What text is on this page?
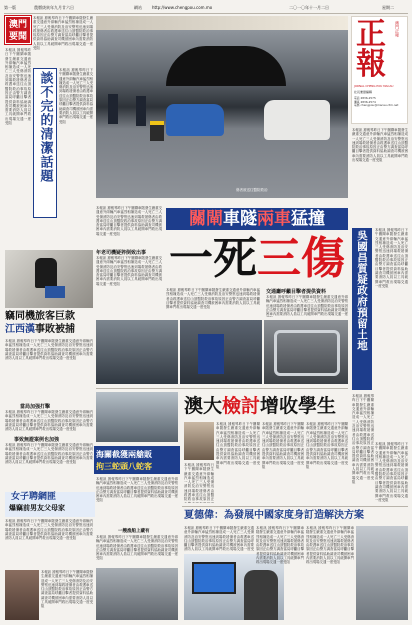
第一版	農曆庚寅年九月廿六日	網站	http://www.chengpou.com.mo	二〇一〇年十一月二日	星期二
澳門要聞
本報訊 據報導昨日下午關閘車隧發生嚴重交通意外兩輛汽車猛烈相撞造成一人死亡三人受傷消防及治安警察迅速到場救援傷者由救護車送往山頂醫院救治事故原因正由警方調查當局呼籲目擊者提供資料協助調查司機被困車內需要消防人員以工具破開車門救出現場交通一度受阻
本報訊 據報導昨日下午關閘車隧發生嚴重交通意外兩輛汽車猛烈相撞造成一人死亡三人受傷消防及治安警察迅速到場救援傷者由救護車送往山頂醫院救治事故原因正由警方調查當局呼籲目擊者提供資料協助調查司機被困車內需要消防人員以工具破開車門救出現場交通一度受阻	談不完的清潔話題
本報訊 據報導昨日下午關閘車隧發生嚴重交通意外兩輛汽車猛烈相撞造成一人死亡三人受傷消防及治安警察迅速到場救援傷者由救護車送往山頂醫院救治事故原因正由警方調查當局呼籲目擊者提供資料協助調查司機被困車內需要消防人員以工具破開車門救出現場交通一度受阻
竊同機旅客巨款
江西漢事敗被捕
本報訊 據報導昨日下午關閘車隧發生嚴重交通意外兩輛汽車猛烈相撞造成一人死亡三人受傷消防及治安警察迅速到場救援傷者由救護車送往山頂醫院救治事故原因正由警方調查當局呼籲目擊者提供資料協助調查司機被困車內需要消防人員以工具破開車門救出現場交通一度受阻
當局加强打擊
本報訊 據報導昨日下午關閘車隧發生嚴重交通意外兩輛汽車猛烈相撞造成一人死亡三人受傷消防及治安警察迅速到場救援傷者由救護車送往山頂醫院救治事故原因正由警方調查當局呼籲目擊者提供資料協助調查司機被困車內需要消防人員以工具破開車門救出現場交通一度受阻
事致無證案例也加強
本報訊 據報導昨日下午關閘車隧發生嚴重交通意外兩輛汽車猛烈相撞造成一人死亡三人受傷消防及治安警察迅速到場救援傷者由救護車送往山頂醫院救治事故原因正由警方調查當局呼籲目擊者提供資料協助調查司機被困車內需要消防人員以工具破開車門救出現場交通一度受阻
女子聘網匪
爆竊前男友父母家
本報訊 據報導昨日下午關閘車隧發生嚴重交通意外兩輛汽車猛烈相撞造成一人死亡三人受傷消防及治安警察迅速到場救援傷者由救護車送往山頂醫院救治事故原因正由警方調查當局呼籲目擊者提供資料協助調查司機被困車內需要消防人員以工具破開車門救出現場交通一度受阻
本報訊 據報導昨日下午關閘車隧發生嚴重交通意外兩輛汽車猛烈相撞造成一人死亡三人受傷消防及治安警察迅速到場救援傷者由救護車送往山頂醫院救治事故原因正由警方調查當局呼籲目擊者提供資料協助調查司機被困車內需要消防人員以工具破開車門救出現場交通一度受阻
傷者被送往醫院救治
正
報
澳門正報
JORNAL CHENG POU MACAU
社長兼總編輯
電話 2836-2575
傳真 2836-2574
電郵 chengpou@macau.ctm.net
本報訊 據報導昨日下午關閘車隧發生嚴重交通意外兩輛汽車猛烈相撞造成一人死亡三人受傷消防及治安警察迅速到場救援傷者由救護車送往山頂醫院救治事故原因正由警方調查當局呼籲目擊者提供資料協助調查司機被困車內需要消防人員以工具破開車門救出現場交通一度受阻
吳國昌質疑政府預留土地	本報訊 據報導昨日下午關閘車隧發生嚴重交通意外兩輛汽車猛烈相撞造成一人死亡三人受傷消防及治安警察迅速到場救援傷者由救護車送往山頂醫院救治事故原因正由警方調查當局呼籲目擊者提供資料協助調查司機被困車內需要消防人員以工具破開車門救出現場交通一度受阻
本報訊 據報導昨日下午關閘車隧發生嚴重交通意外兩輛汽車猛烈相撞造成一人死亡三人受傷消防及治安警察迅速到場救援傷者由救護車送往山頂醫院救治事故原因正由警方調查當局呼籲目擊者提供資料協助調查司機被困車內需要消防人員以工具破開車門救出現場交通一度受阻
本報訊 據報導昨日下午關閘車隧發生嚴重交通意外兩輛汽車猛烈相撞造成一人死亡三人受傷消防及治安警察迅速到場救援傷者由救護車送往山頂醫院救治事故原因正由警方調查當局呼籲目擊者提供資料協助調查司機被困車內需要消防人員以工具破開車門救出現場交通一度受阻
關閘車隧兩車猛撞
一死三傷
本報訊 據報導昨日下午關閘車隧發生嚴重交通意外兩輛汽車猛烈相撞造成一人死亡三人受傷消防及治安警察迅速到場救援傷者由救護車送往山頂醫院救治事故原因正由警方調查當局呼籲目擊者提供資料協助調查司機被困車內需要消防人員以工具破開車門救出現場交通一度受阻
年老司機疑猝倒致出事
本報訊 據報導昨日下午關閘車隧發生嚴重交通意外兩輛汽車猛烈相撞造成一人死亡三人受傷消防及治安警察迅速到場救援傷者由救護車送往山頂醫院救治事故原因正由警方調查當局呼籲目擊者提供資料協助調查司機被困車內需要消防人員以工具破開車門救出現場交通一度受阻
本報訊 據報導昨日下午關閘車隧發生嚴重交通意外兩輛汽車猛烈相撞造成一人死亡三人受傷消防及治安警察迅速到場救援傷者由救護車送往山頂醫院救治事故原因正由警方調查當局呼籲目擊者提供資料協助調查司機被困車內需要消防人員以工具破開車門救出現場交通一度受阻
交通廳呼籲目擊者提供資料
本報訊 據報導昨日下午關閘車隧發生嚴重交通意外兩輛汽車猛烈相撞造成一人死亡三人受傷消防及治安警察迅速到場救援傷者由救護車送往山頂醫院救治事故原因正由警方調查當局呼籲目擊者提供資料協助調查司機被困車內需要消防人員以工具破開車門救出現場交通一度
海關截獲兩艙販
拘三蛇頭八蛇客
本報訊 據報導昨日下午關閘車隧發生嚴重交通意外兩輛汽車猛烈相撞造成一人死亡三人受傷消防及治安警察迅速到場救援傷者由救護車送往山頂醫院救治事故原因正由警方調查當局呼籲目擊者提供資料協助調查司機被困車內需要消防人員以工具破開車門救出現場交通一度受阻
一艘漁船上藏有
本報訊 據報導昨日下午關閘車隧發生嚴重交通意外兩輛汽車猛烈相撞造成一人死亡三人受傷消防及治安警察迅速到場救援傷者由救護車送往山頂醫院救治事故原因正由警方調查當局呼籲目擊者提供資料協助調查司機被困車內需要消防人員以工具破開車門救出現場交通一度受阻
澳大檢討增收學生
本報訊 據報導昨日下午關閘車隧發生嚴重交通意外兩輛汽車猛烈相撞造成一人死亡三人受傷消防及治安警察迅速到場救援傷者由救護車送往山頂醫院救治事故原因正由警方調查當局呼籲目擊者提供資料協助調查司機被困車內需要消防人員以工具破開車門救出現場交通一度受阻
本報訊 據報導昨日下午關閘車隧發生嚴重交通意外兩輛汽車猛烈相撞造成一人死亡三人受傷消防及治安警察迅速到場救援傷者由救護車送往山頂醫院救治事故原因正由警方調查當局呼籲目擊者提供資料協助調查司機被困車內需要消防人員以工具破開車門救出現場交通一度受阻
本報訊 據報導昨日下午關閘車隧發生嚴重交通意外兩輛汽車猛烈相撞造成一人死亡三人受傷消防及治安警察迅速到場救援傷者由救護車送往山頂醫院救治事故原因正由警方調查當局呼籲目擊者提供資料協助調查司機被困車內需要消防人員以工具破開車門救出現場交通一度受阻
本報訊 據報導昨日下午關閘車隧發生嚴重交通意外兩輛汽車猛烈相撞造成一人死亡三人受傷消防及治安警察迅速到場救援傷者由救護車送往山頂醫院救治事故原因正
夏德偉：為發展中國家度身訂造解決方案
本報訊 據報導昨日下午關閘車隧發生嚴重交通意外兩輛汽車猛烈相撞造成一人死亡三人受傷消防及治安警察迅速到場救援傷者由救護車送往山頂醫院救治事故原因正由警方調查當局呼籲目擊者提供資料協助調查司機被困車內需要消防人員以工具破開車門救出現場交通一度受
本報訊 據報導昨日下午關閘車隧發生嚴重交通意外兩輛汽車猛烈相撞造成一人死亡三人受傷消防及治安警察迅速到場救援傷者由救護車送往山頂醫院救治事故原因正由警方調查當局呼籲目擊者提供資料協助調查司機被困車內需要消防人員以工具破開車門救出現場交通一度受阻
本報訊 據報導昨日下午關閘車隧發生嚴重交通意外兩輛汽車猛烈相撞造成一人死亡三人受傷消防及治安警察迅速到場救援傷者由救護車送往山頂醫院救治事故原因正由警方調查當局呼籲目擊者提供資料協助調查司機被困車內需要消防人員以工具破開車門救出現場交通一度受阻
